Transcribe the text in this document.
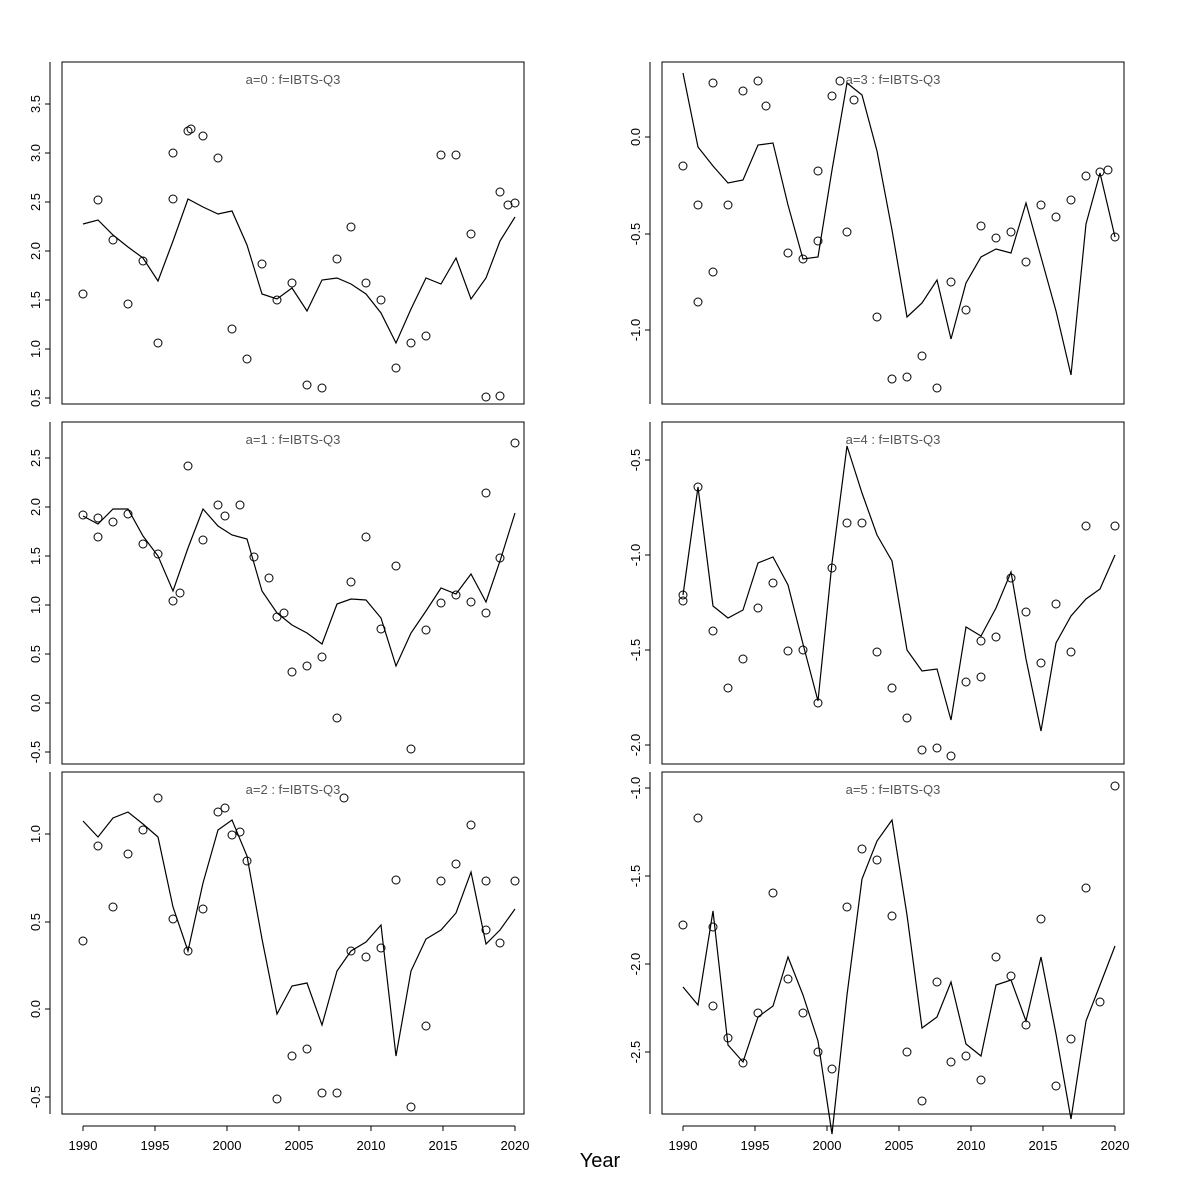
0.5
1.0
1.5
2.0
2.5
3.0
3.5
a=0 : f=IBTS-Q3
-1.0
-0.5
0.0
a=3 : f=IBTS-Q3
-0.5
0.0
0.5
1.0
1.5
2.0
2.5
a=1 : f=IBTS-Q3
-2.0
-1.5
-1.0
-0.5
a=4 : f=IBTS-Q3
-0.5
0.0
0.5
1.0
a=2 : f=IBTS-Q3
1990	1995	2000	2005	2010	2015	2020
-2.5
-2.0
-1.5
-1.0	a=5 : f=IBTS-Q3
1990	1995	2000	2005	2010	2015	2020
Year
